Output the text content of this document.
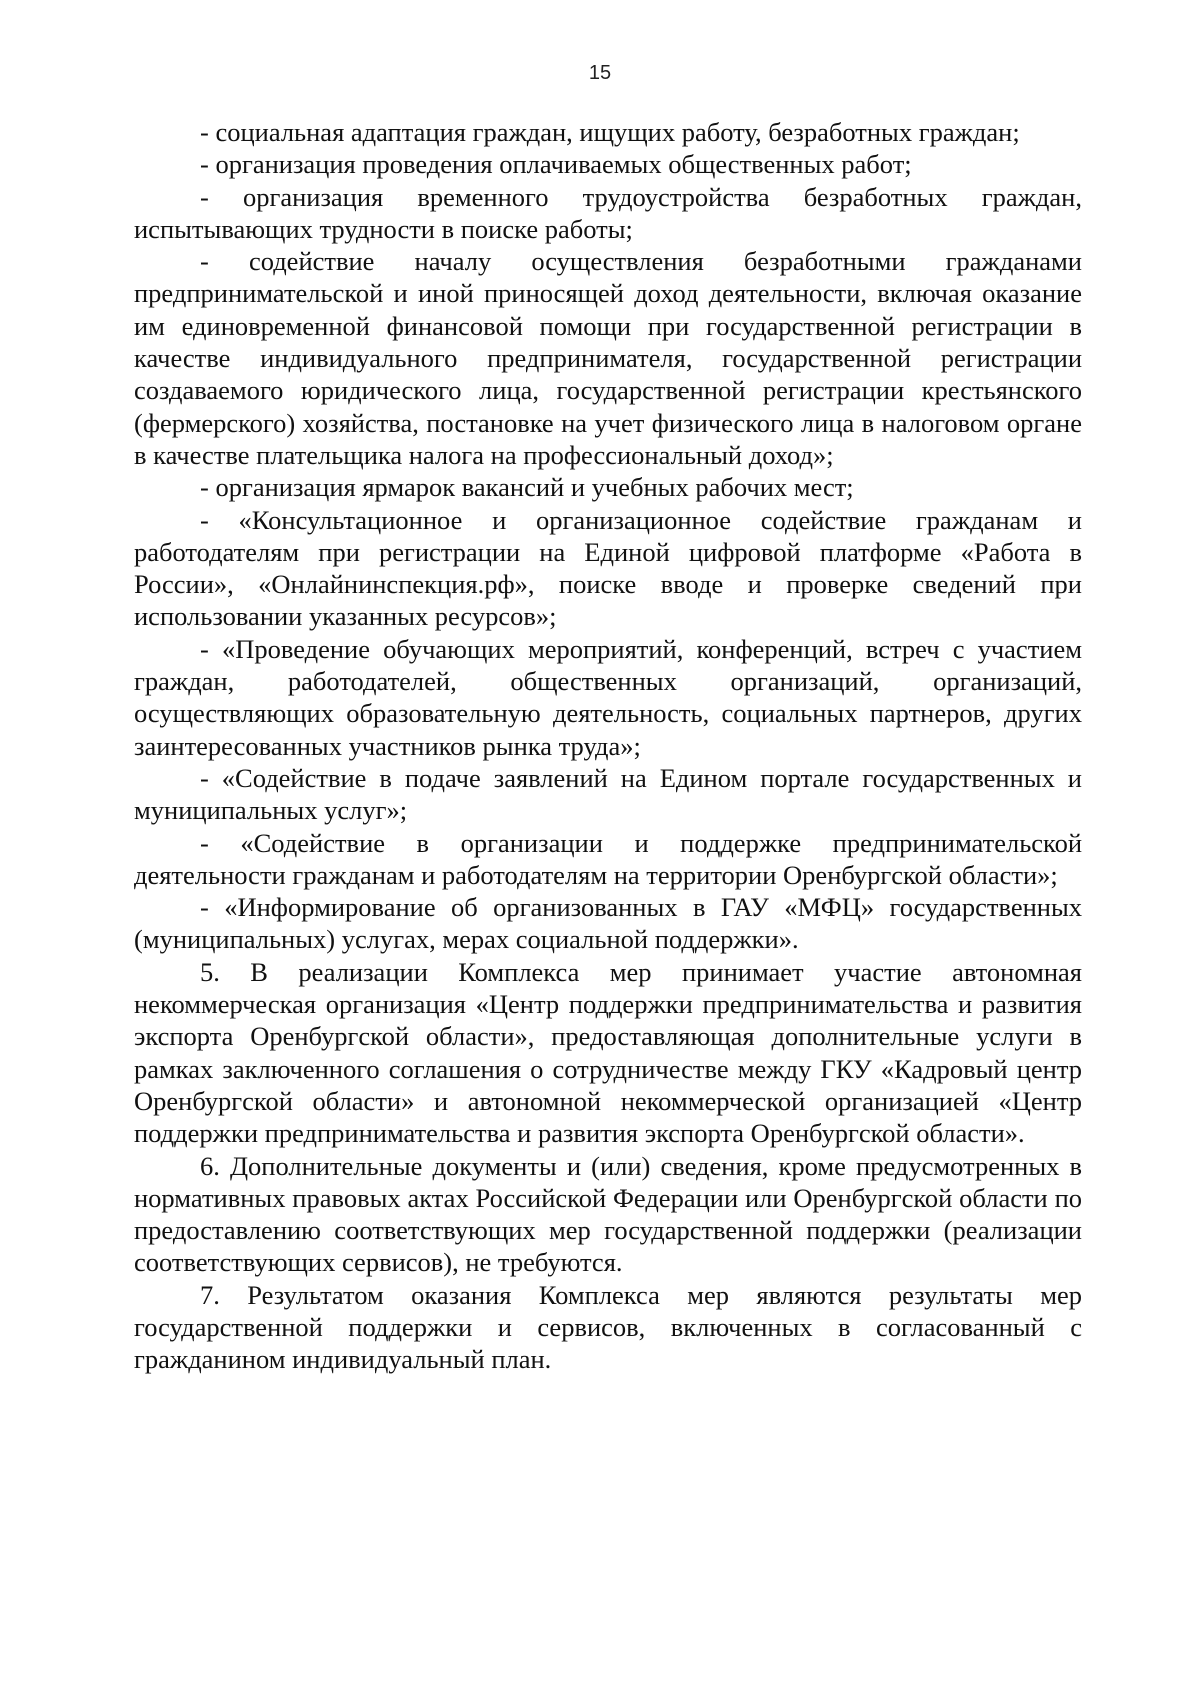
15

- социальная адаптация граждан, ищущих работу, безработных граждан;

- организация проведения оплачиваемых общественных работ;

- организация временного трудоустройства безработных граждан, испытывающих трудности в поиске работы;

- содействие началу осуществления безработными гражданами предпринимательской и иной приносящей доход деятельности, включая оказание им единовременной финансовой помощи при государственной регистрации в качестве индивидуального предпринимателя, государственной регистрации создаваемого юридического лица, государственной регистрации крестьянского (фермерского) хозяйства, постановке на учет физического лица в налоговом органе в качестве плательщика налога на профессиональный доход»;

- организация ярмарок вакансий и учебных рабочих мест;

- «Консультационное и организационное содействие гражданам и работодателям при регистрации на Единой цифровой платформе «Работа в России», «Онлайнинспекция.рф», поиске вводе и проверке сведений при использовании указанных ресурсов»;

- «Проведение обучающих мероприятий, конференций, встреч с участием граждан, работодателей, общественных организаций, организаций, осуществляющих образовательную деятельность, социальных партнеров, других заинтересованных участников рынка труда»;

- «Содействие в подаче заявлений на Едином портале государственных и муниципальных услуг»;

- «Содействие в организации и поддержке предпринимательской деятельности гражданам и работодателям на территории Оренбургской области»;

- «Информирование об организованных в ГАУ «МФЦ» государственных (муниципальных) услугах, мерах социальной поддержки».

5. В реализации Комплекса мер принимает участие автономная некоммерческая организация «Центр поддержки предпринимательства и развития экспорта Оренбургской области», предоставляющая дополнительные услуги в рамках заключенного соглашения о сотрудничестве между ГКУ «Кадровый центр Оренбургской области» и автономной некоммерческой организацией «Центр поддержки предпринимательства и развития экспорта Оренбургской области».

6. Дополнительные документы и (или) сведения, кроме предусмотренных в нормативных правовых актах Российской Федерации или Оренбургской области по предоставлению соответствующих мер государственной поддержки (реализации соответствующих сервисов), не требуются.

7. Результатом оказания Комплекса мер являются результаты мер государственной поддержки и сервисов, включенных в согласованный с гражданином индивидуальный план.
